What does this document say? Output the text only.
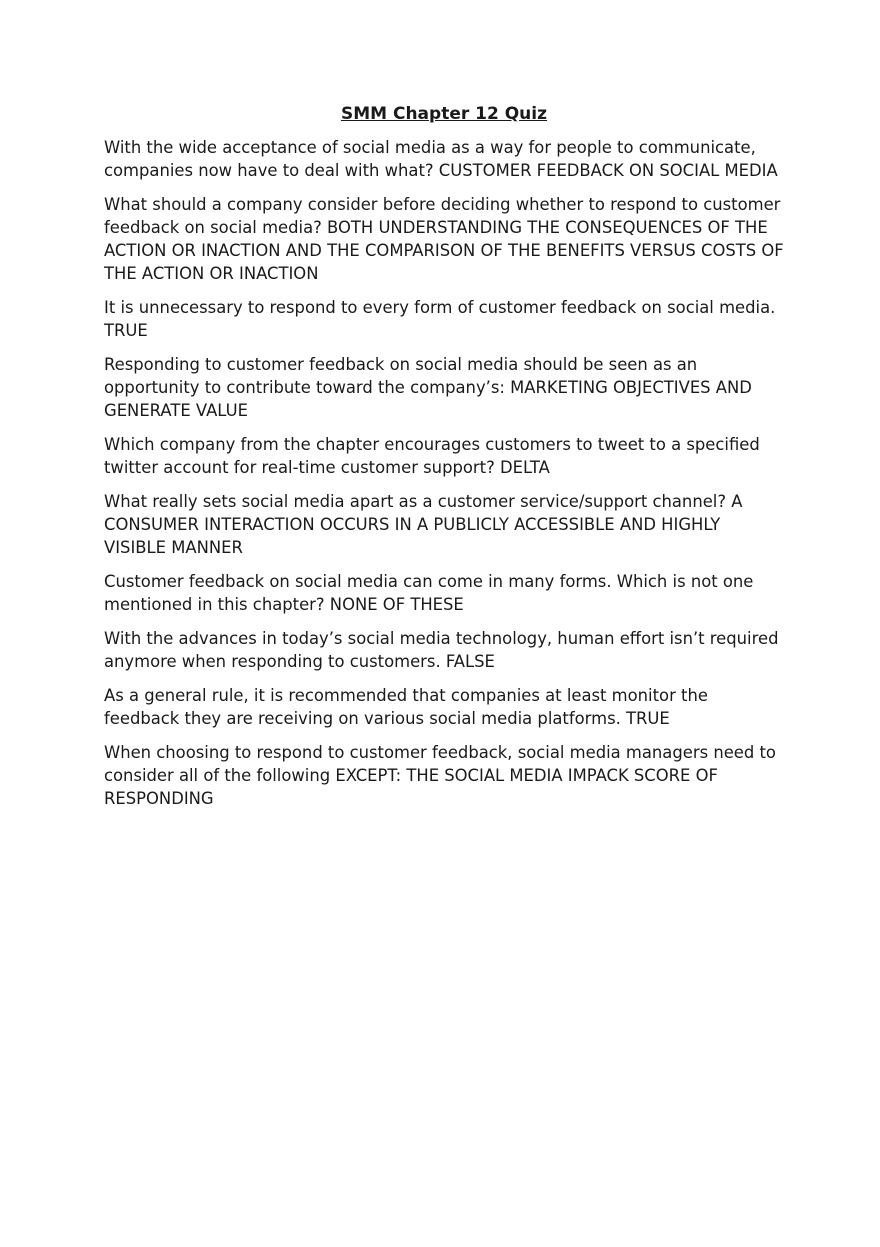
SMM Chapter 12 Quiz

With the wide acceptance of social media as a way for people to communicate, companies now have to deal with what? CUSTOMER FEEDBACK ON SOCIAL MEDIA

What should a company consider before deciding whether to respond to customer feedback on social media? BOTH UNDERSTANDING THE CONSEQUENCES OF THE ACTION OR INACTION AND THE COMPARISON OF THE BENEFITS VERSUS COSTS OF THE ACTION OR INACTION

It is unnecessary to respond to every form of customer feedback on social media. TRUE

Responding to customer feedback on social media should be seen as an opportunity to contribute toward the company’s: MARKETING OBJECTIVES AND GENERATE VALUE

Which company from the chapter encourages customers to tweet to a specified twitter account for real-time customer support? DELTA

What really sets social media apart as a customer service/support channel? A CONSUMER INTERACTION OCCURS IN A PUBLICLY ACCESSIBLE AND HIGHLY VISIBLE MANNER

Customer feedback on social media can come in many forms. Which is not one mentioned in this chapter? NONE OF THESE

With the advances in today’s social media technology, human effort isn’t required anymore when responding to customers. FALSE

As a general rule, it is recommended that companies at least monitor the feedback they are receiving on various social media platforms. TRUE

When choosing to respond to customer feedback, social media managers need to consider all of the following EXCEPT: THE SOCIAL MEDIA IMPACK SCORE OF RESPONDING
